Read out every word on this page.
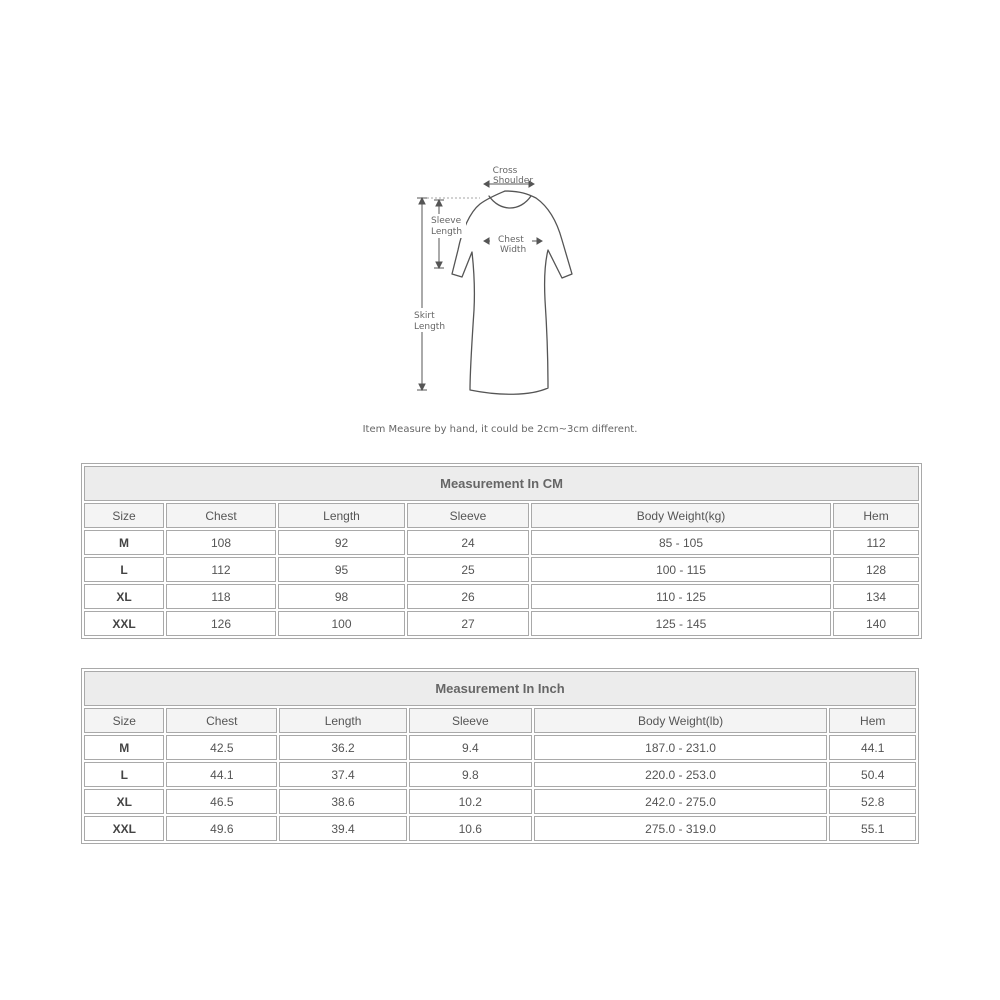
Cross
Shoulder
Sleeve
Length
Chest
Width
Skirt
Length
Item Measure by hand, it could be 2cm~3cm different.
Measurement In CM					
Size	Chest	Length	Sleeve	Body Weight(kg)	Hem
M	108	92	24	85 - 105	112
L	112	95	25	100 - 115	128
XL	118	98	26	110 - 125	134
XXL	126	100	27	125 - 145	140
Measurement In Inch					
Size	Chest	Length	Sleeve	Body Weight(lb)	Hem
M	42.5	36.2	9.4	187.0 - 231.0	44.1
L	44.1	37.4	9.8	220.0 - 253.0	50.4
XL	46.5	38.6	10.2	242.0 - 275.0	52.8
XXL	49.6	39.4	10.6	275.0 - 319.0	55.1
